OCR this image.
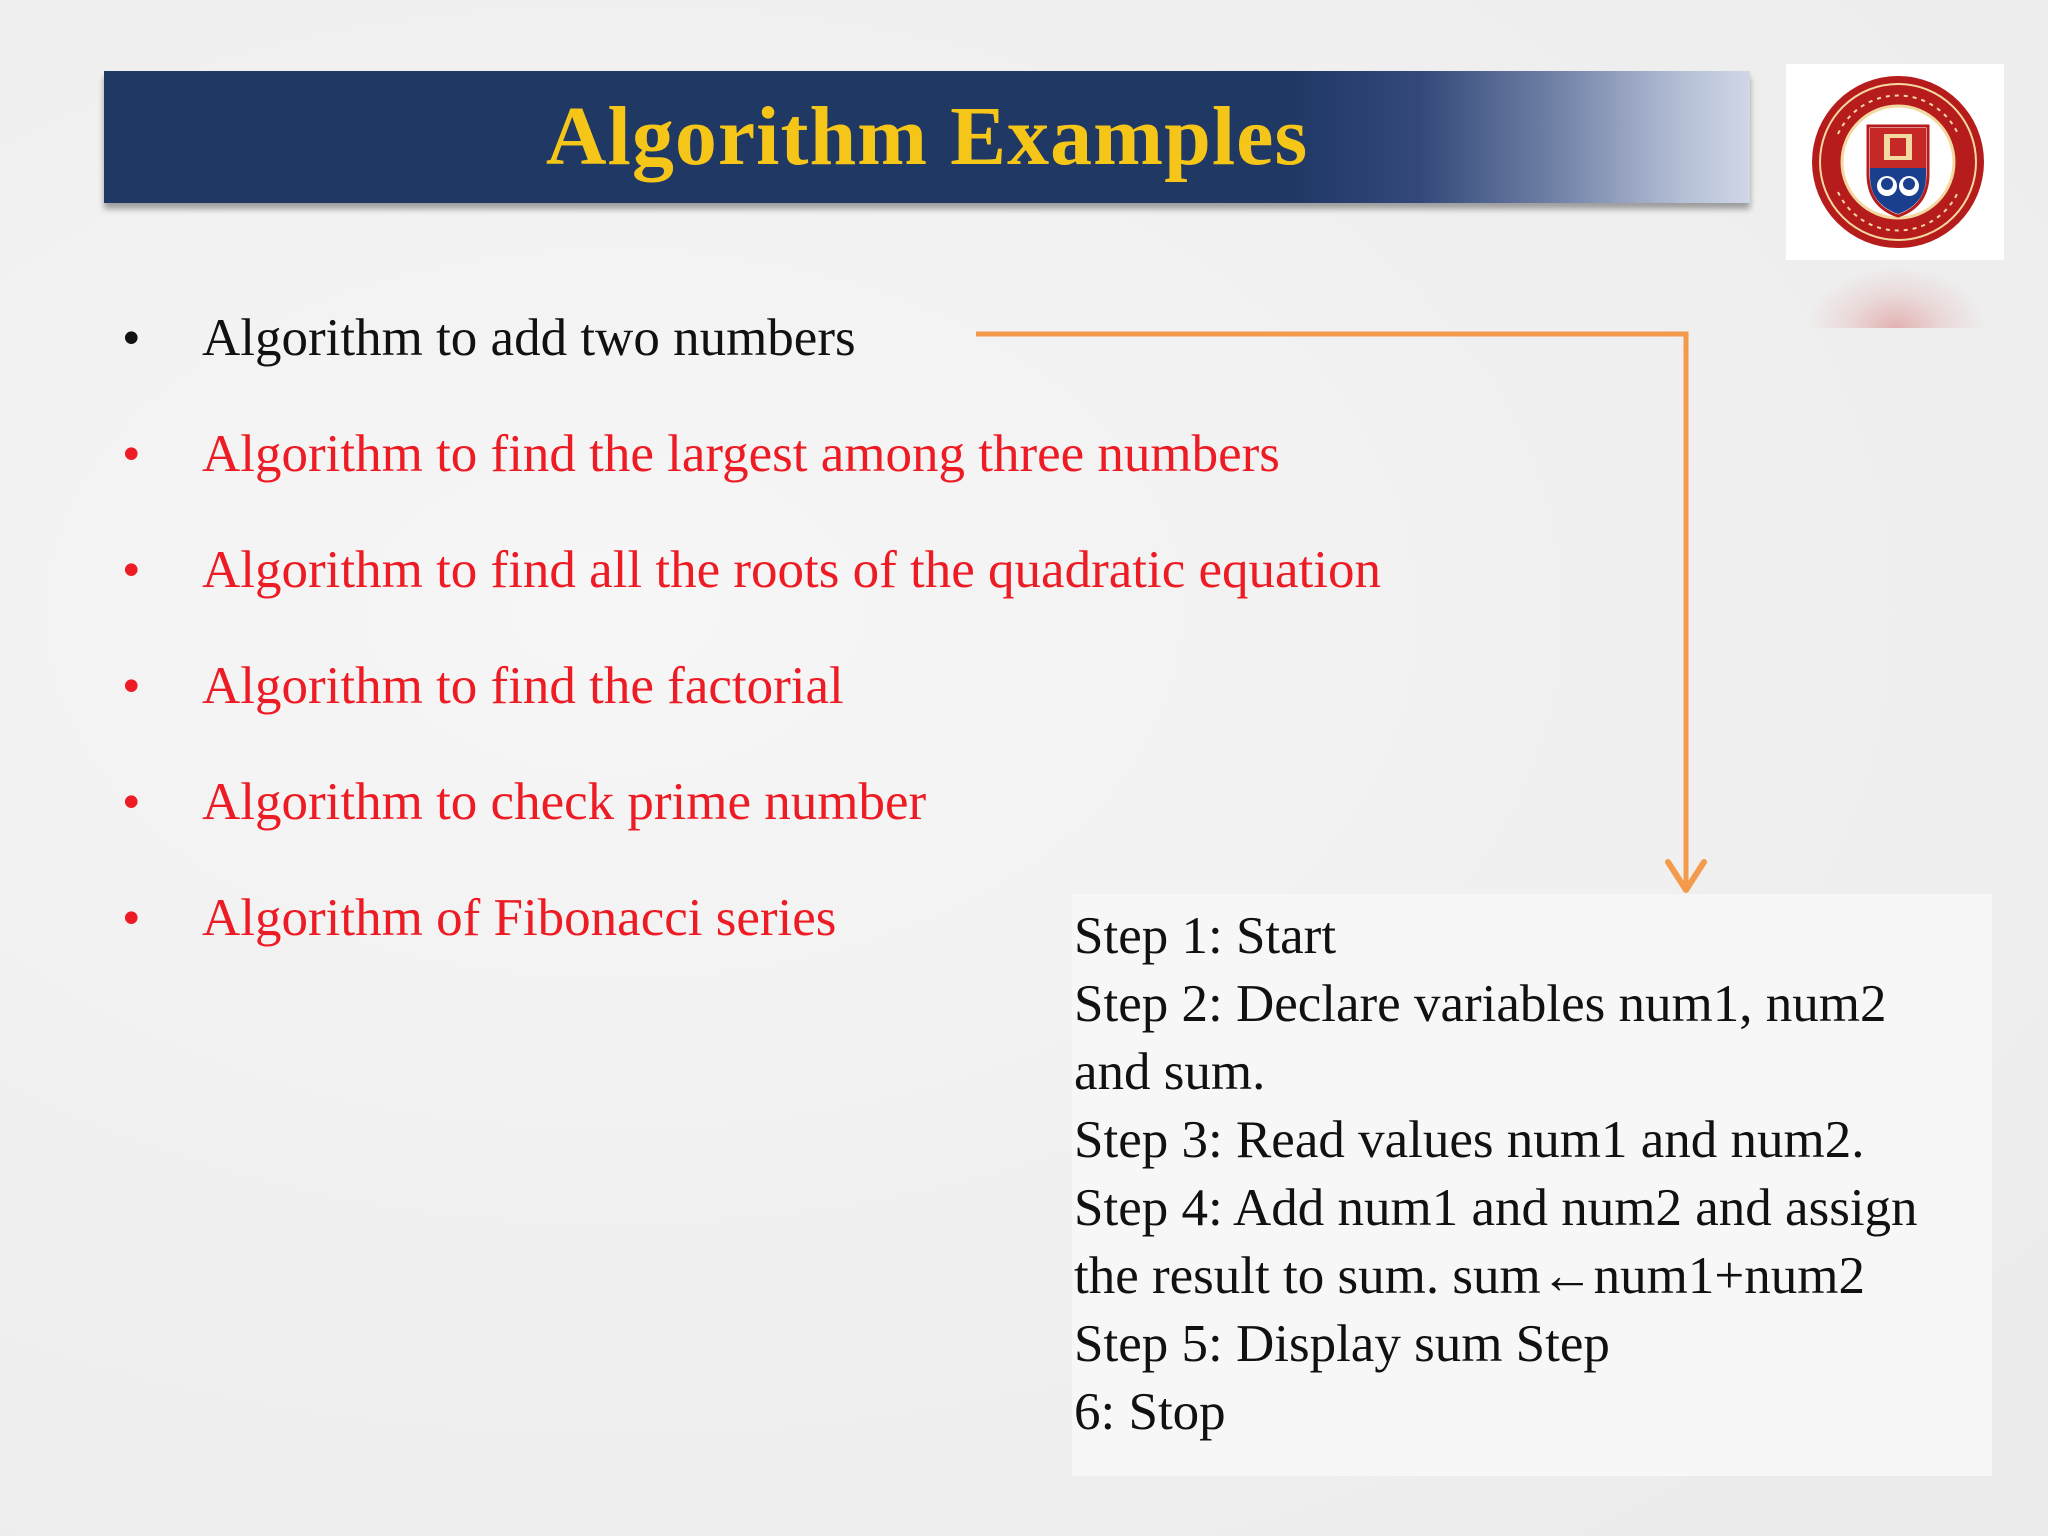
Algorithm Examples
• Algorithm to add two numbers
• Algorithm to find the largest among three numbers
• Algorithm to find all the roots of the quadratic equation
• Algorithm to find the factorial
• Algorithm to check prime number
• Algorithm of Fibonacci series	Step 1: Start
Step 2: Declare variables num1, num2
and sum.
Step 3: Read values num1 and num2.
Step 4: Add num1 and num2 and assign
the result to sum. sum←num1+num2
Step 5: Display sum Step
6: Stop
